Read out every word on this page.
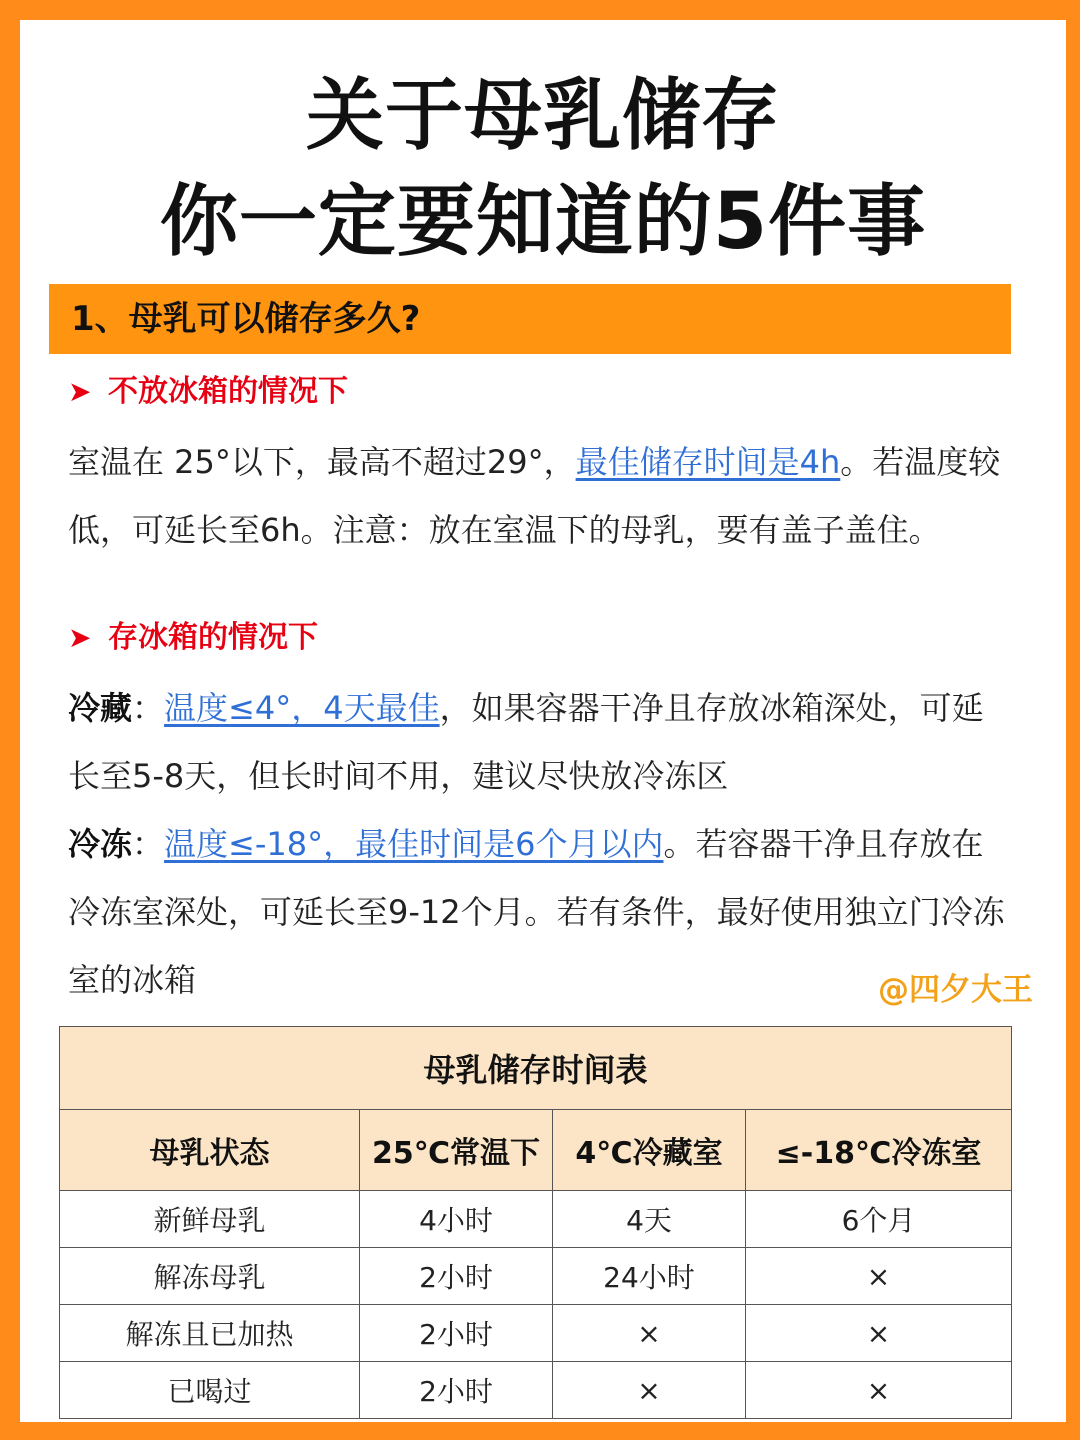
关于母乳储存
你一定要知道的5件事
1、母乳可以储存多久?
➤ 不放冰箱的情况下
室温在 25°以下，最高不超过29°，最佳储存时间是4h。若温度较低，可延长至6h。注意：放在室温下的母乳，要有盖子盖住。
➤ 存冰箱的情况下
冷藏：温度≤4°，4天最佳，如果容器干净且存放冰箱深处，可延长至5-8天，但长时间不用，建议尽快放冷冻区
冷冻：温度≤-18°，最佳时间是6个月以内。若容器干净且存放在冷冻室深处，可延长至9-12个月。若有条件，最好使用独立门冷冻室的冰箱	@四夕大王
母乳储存时间表			
母乳状态	25℃常温下	4℃冷藏室	≤-18℃冷冻室
新鲜母乳	4小时	4天	6个月
解冻母乳	2小时	24小时	×
解冻且已加热	2小时	×	×
已喝过	2小时	×	×
